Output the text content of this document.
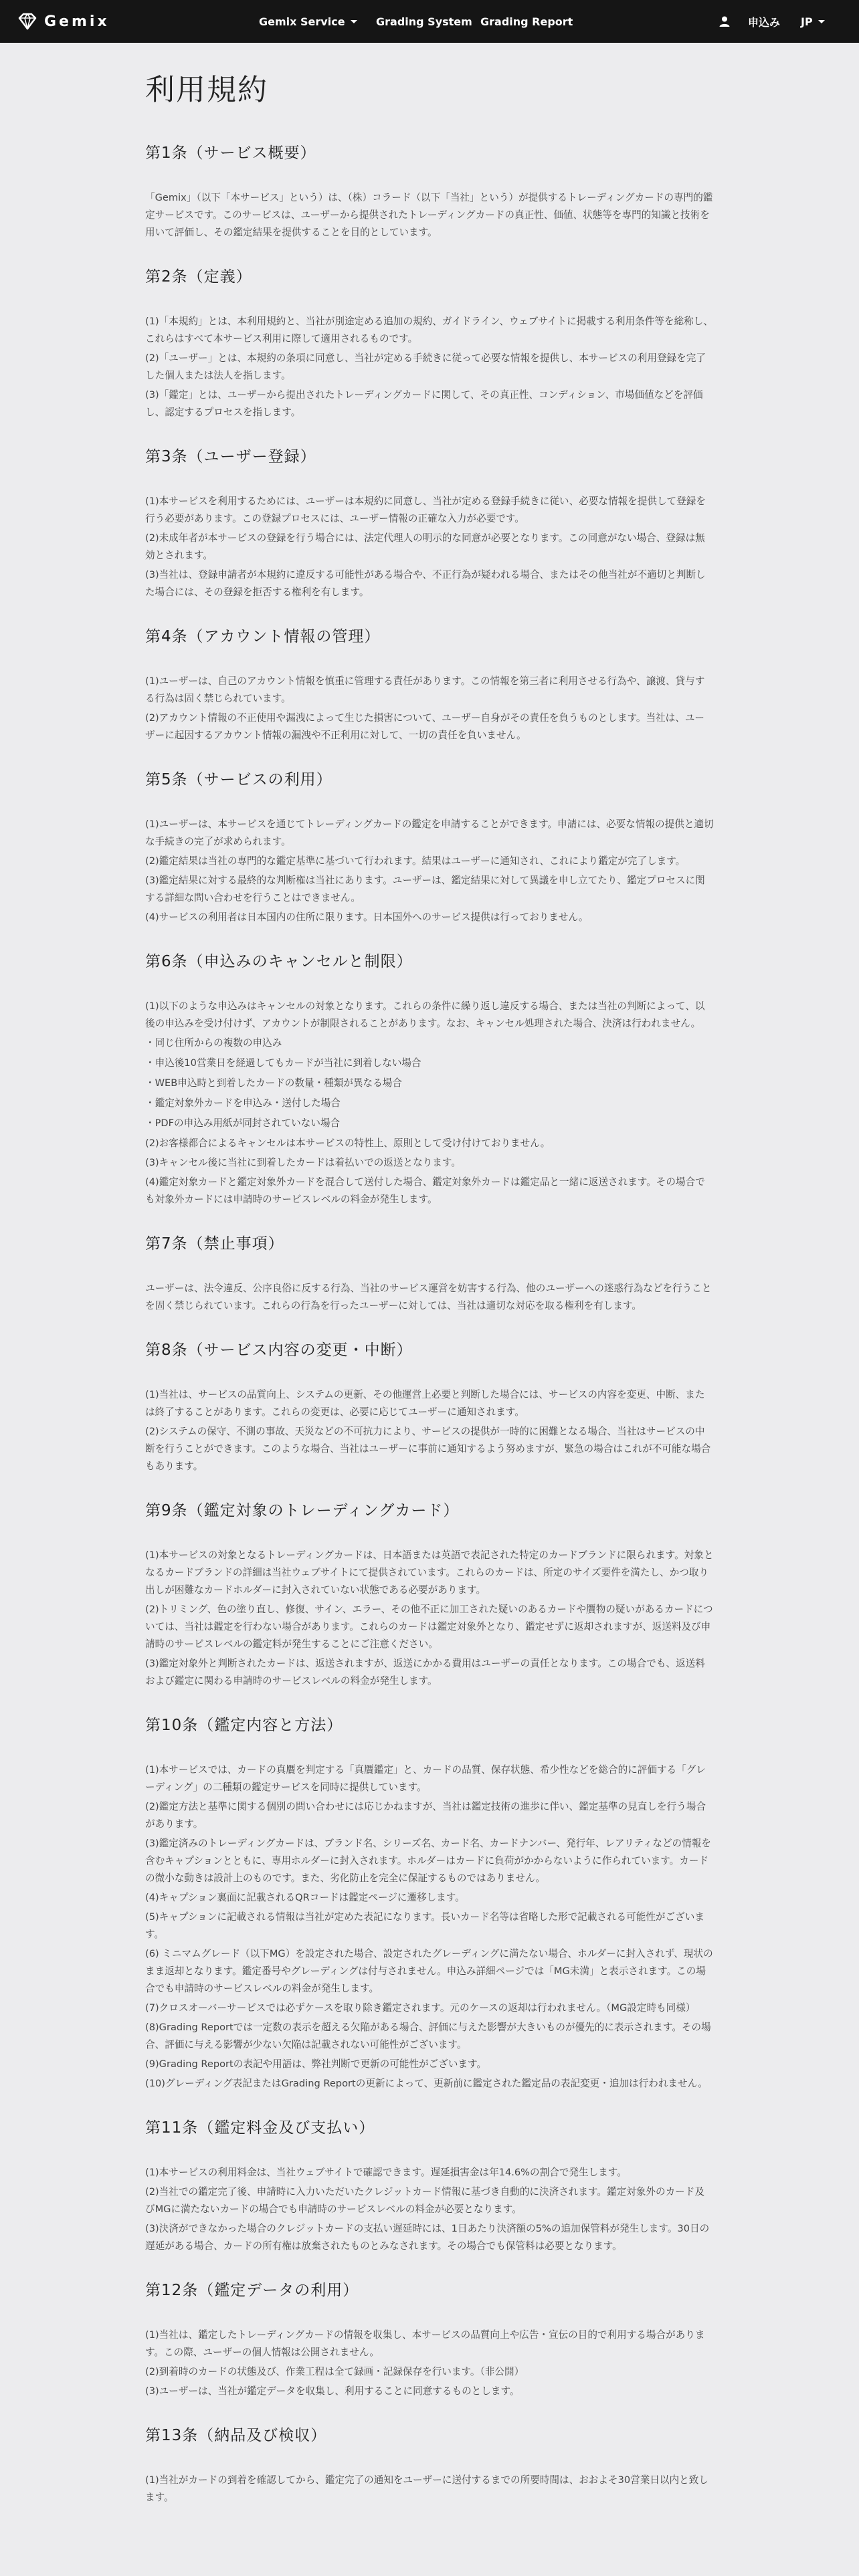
Gemix	Gemix Service	Grading System Grading Report	申込み JP
利用規約
第1条（サービス概要）

「Gemix」（以下「本サービス」という）は、（株）コラード（以下「当社」という）が提供するトレーディングカードの専門的鑑定サービスです。このサービスは、ユーザーから提供されたトレーディングカードの真正性、価値、状態等を専門的知識と技術を用いて評価し、その鑑定結果を提供することを目的としています。

第2条（定義）

(1)「本規約」とは、本利用規約と、当社が別途定める追加の規約、ガイドライン、ウェブサイトに掲載する利用条件等を総称し、これらはすべて本サービス利用に際して適用されるものです。

(2)「ユーザー」とは、本規約の条項に同意し、当社が定める手続きに従って必要な情報を提供し、本サービスの利用登録を完了した個人または法人を指します。

(3)「鑑定」とは、ユーザーから提出されたトレーディングカードに関して、その真正性、コンディション、市場価値などを評価し、認定するプロセスを指します。

第3条（ユーザー登録）

(1)本サービスを利用するためには、ユーザーは本規約に同意し、当社が定める登録手続きに従い、必要な情報を提供して登録を行う必要があります。この登録プロセスには、ユーザー情報の正確な入力が必要です。

(2)未成年者が本サービスの登録を行う場合には、法定代理人の明示的な同意が必要となります。この同意がない場合、登録は無効とされます。

(3)当社は、登録申請者が本規約に違反する可能性がある場合や、不正行為が疑われる場合、またはその他当社が不適切と判断した場合には、その登録を拒否する権利を有します。

第4条（アカウント情報の管理）

(1)ユーザーは、自己のアカウント情報を慎重に管理する責任があります。この情報を第三者に利用させる行為や、譲渡、貸与する行為は固く禁じられています。

(2)アカウント情報の不正使用や漏洩によって生じた損害について、ユーザー自身がその責任を負うものとします。当社は、ユーザーに起因するアカウント情報の漏洩や不正利用に対して、一切の責任を負いません。

第5条（サービスの利用）

(1)ユーザーは、本サービスを通じてトレーディングカードの鑑定を申請することができます。申請には、必要な情報の提供と適切な手続きの完了が求められます。

(2)鑑定結果は当社の専門的な鑑定基準に基づいて行われます。結果はユーザーに通知され、これにより鑑定が完了します。

(3)鑑定結果に対する最終的な判断権は当社にあります。ユーザーは、鑑定結果に対して異議を申し立てたり、鑑定プロセスに関する詳細な問い合わせを行うことはできません。

(4)サービスの利用者は日本国内の住所に限ります。日本国外へのサービス提供は行っておりません。

第6条（申込みのキャンセルと制限）

(1)以下のような申込みはキャンセルの対象となります。これらの条件に繰り返し違反する場合、または当社の判断によって、以後の申込みを受け付けず、アカウントが制限されることがあります。なお、キャンセル処理された場合、決済は行われません。

・ 同じ住所からの複数の申込み
・ 申込後10営業日を経過してもカードが当社に到着しない場合
・ WEB申込時と到着したカードの数量・種類が異なる場合
・ 鑑定対象外カードを申込み・送付した場合
・ PDFの申込み用紙が同封されていない場合

(2)お客様都合によるキャンセルは本サービスの特性上、原則として受け付けておりません。

(3)キャンセル後に当社に到着したカードは着払いでの返送となります。

(4)鑑定対象カードと鑑定対象外カードを混合して送付した場合、鑑定対象外カードは鑑定品と一緒に返送されます。その場合でも対象外カードには申請時のサービスレベルの料金が発生します。

第7条（禁止事項）

ユーザーは、法令違反、公序良俗に反する行為、当社のサービス運営を妨害する行為、他のユーザーへの迷惑行為などを行うことを固く禁じられています。これらの行為を行ったユーザーに対しては、当社は適切な対応を取る権利を有します。

第8条（サービス内容の変更・中断）

(1)当社は、サービスの品質向上、システムの更新、その他運営上必要と判断した場合には、サービスの内容を変更、中断、または終了することがあります。これらの変更は、必要に応じてユーザーに通知されます。

(2)システムの保守、不測の事故、天災などの不可抗力により、サービスの提供が一時的に困難となる場合、当社はサービスの中断を行うことができます。このような場合、当社はユーザーに事前に通知するよう努めますが、緊急の場合はこれが不可能な場合もあります。

第9条（鑑定対象のトレーディングカード）

(1)本サービスの対象となるトレーディングカードは、日本語または英語で表記された特定のカードブランドに限られます。対象となるカードブランドの詳細は当社ウェブサイトにて提供されています。これらのカードは、所定のサイズ要件を満たし、かつ取り出しが困難なカードホルダーに封入されていない状態である必要があります。

(2)トリミング、色の塗り直し、修復、サイン、エラー、その他不正に加工された疑いのあるカードや贋物の疑いがあるカードについては、当社は鑑定を行わない場合があります。これらのカードは鑑定対象外となり、鑑定せずに返却されますが、返送料及び申請時のサービスレベルの鑑定料が発生することにご注意ください。

(3)鑑定対象外と判断されたカードは、返送されますが、返送にかかる費用はユーザーの責任となります。この場合でも、返送料および鑑定に関わる申請時のサービスレベルの料金が発生します。

第10条（鑑定内容と方法）

(1)本サービスでは、カードの真贋を判定する「真贋鑑定」と、カードの品質、保存状態、希少性などを総合的に評価する「グレーディング」の二種類の鑑定サービスを同時に提供しています。

(2)鑑定方法と基準に関する個別の問い合わせには応じかねますが、当社は鑑定技術の進歩に伴い、鑑定基準の見直しを行う場合があります。

(3)鑑定済みのトレーディングカードは、ブランド名、シリーズ名、カード名、カードナンバー、発行年、レアリティなどの情報を含むキャプションとともに、専用ホルダーに封入されます。ホルダーはカードに負荷がかからないように作られています。カードの微小な動きは設計上のものです。また、劣化防止を完全に保証するものではありません。

(4)キャプション裏面に記載されるQRコードは鑑定ページに遷移します。

(5)キャプションに記載される情報は当社が定めた表記になります。長いカード名等は省略した形で記載される可能性がございます。

(6) ミニマムグレード（以下MG）を設定された場合、設定されたグレーディングに満たない場合、ホルダーに封入されず、現状のまま返却となります。鑑定番号やグレーディングは付与されません。申込み詳細ページでは「MG未満」と表示されます。この場合でも申請時のサービスレベルの料金が発生します。

(7)クロスオーバーサービスでは必ずケースを取り除き鑑定されます。元のケースの返却は行われません。（MG設定時も同様）

(8)Grading Reportでは一定数の表示を超える欠陥がある場合、評価に与えた影響が大きいものが優先的に表示されます。その場合、評価に与える影響が少ない欠陥は記載されない可能性がございます。

(9)Grading Reportの表記や用語は、弊社判断で更新の可能性がございます。

(10)グレーディング表記またはGrading Reportの更新によって、更新前に鑑定された鑑定品の表記変更・追加は行われません。

第11条（鑑定料金及び支払い）

(1)本サービスの利用料金は、当社ウェブサイトで確認できます。遅延損害金は年14.6%の割合で発生します。

(2)当社での鑑定完了後、申請時に入力いただいたクレジットカード情報に基づき自動的に決済されます。鑑定対象外のカード及びMGに満たないカードの場合でも申請時のサービスレベルの料金が必要となります。

(3)決済ができなかった場合のクレジットカードの支払い遅延時には、1日あたり決済額の5%の追加保管料が発生します。30日の遅延がある場合、カードの所有権は放棄されたものとみなされます。その場合でも保管料は必要となります。

第12条（鑑定データの利用）

(1)当社は、鑑定したトレーディングカードの情報を収集し、本サービスの品質向上や広告・宣伝の目的で利用する場合があります。この際、ユーザーの個人情報は公開されません。

(2)到着時のカードの状態及び、作業工程は全て録画・記録保存を行います。（非公開）

(3)ユーザーは、当社が鑑定データを収集し、利用することに同意するものとします。

第13条（納品及び検収）

(1)当社がカードの到着を確認してから、鑑定完了の通知をユーザーに送付するまでの所要時間は、おおよそ30営業日以内と致します。
